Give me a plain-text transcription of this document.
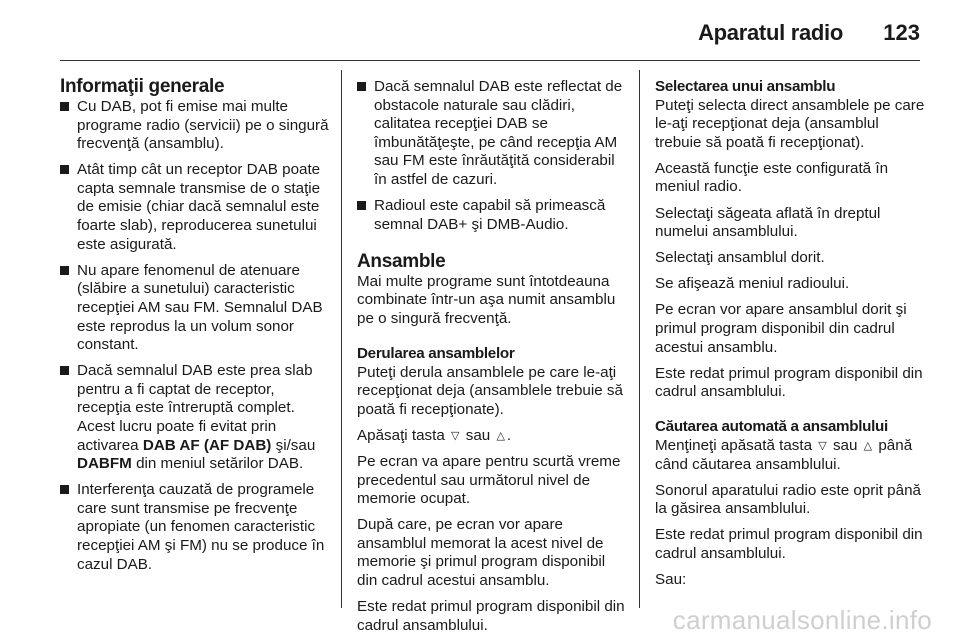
Aparatul radio 123
Informaţii generale
Cu DAB, pot fi emise mai multe programe radio (servicii) pe o singură frecvenţă (ansamblu).
Atât timp cât un receptor DAB poate capta semnale transmise de o staţie de emisie (chiar dacă semnalul este foarte slab), reproducerea sunetului este asigurată.
Nu apare fenomenul de atenuare (slăbire a sunetului) caracteristic recepţiei AM sau FM. Semnalul DAB este reprodus la un volum sonor constant.
Dacă semnalul DAB este prea slab pentru a fi captat de receptor, recepţia este întreruptă complet. Acest lucru poate fi evitat prin activarea DAB AF (AF DAB) şi/sau DABFM din meniul setărilor DAB.
Interferenţa cauzată de programele care sunt transmise pe frecvenţe apropiate (un fenomen caracteristic recepţiei AM şi FM) nu se produce în cazul DAB.
Dacă semnalul DAB este reflectat de obstacole naturale sau clădiri, calitatea recepţiei DAB se îmbunătăţeşte, pe când recepţia AM sau FM este înrăutăţită considerabil în astfel de cazuri.
Radioul este capabil să primească semnal DAB+ şi DMB-Audio.
Ansamble

Mai multe programe sunt întotdeauna combinate într-un aşa numit ansamblu pe o singură frecvenţă.

Derularea ansamblelor

Puteţi derula ansamblele pe care le-aţi recepţionat deja (ansamblele trebuie să poată fi recepţionate).

Apăsaţi tasta ▽ sau △ .

Pe ecran va apare pentru scurtă vreme precedentul sau următorul nivel de memorie ocupat.

După care, pe ecran vor apare ansamblul memorat la acest nivel de memorie şi primul program disponibil din cadrul acestui ansamblu.

Este redat primul program disponibil din cadrul ansamblului.

Selectarea unui ansamblu

Puteţi selecta direct ansamblele pe care le-aţi recepţionat deja (ansamblul trebuie să poată fi recepţionat).

Această funcţie este configurată în meniul radio.

Selectaţi săgeata aflată în dreptul numelui ansamblului.

Selectaţi ansamblul dorit.

Se afişează meniul radioului.

Pe ecran vor apare ansamblul dorit şi primul program disponibil din cadrul acestui ansamblu.

Este redat primul program disponibil din cadrul ansamblului.

Căutarea automată a ansamblului

Menţineţi apăsată tasta ▽ sau △ până când căutarea ansamblului.

Sonorul aparatului radio este oprit până la găsirea ansamblului.

Este redat primul program disponibil din cadrul ansamblului.

Sau:

carmanualsonline.info
